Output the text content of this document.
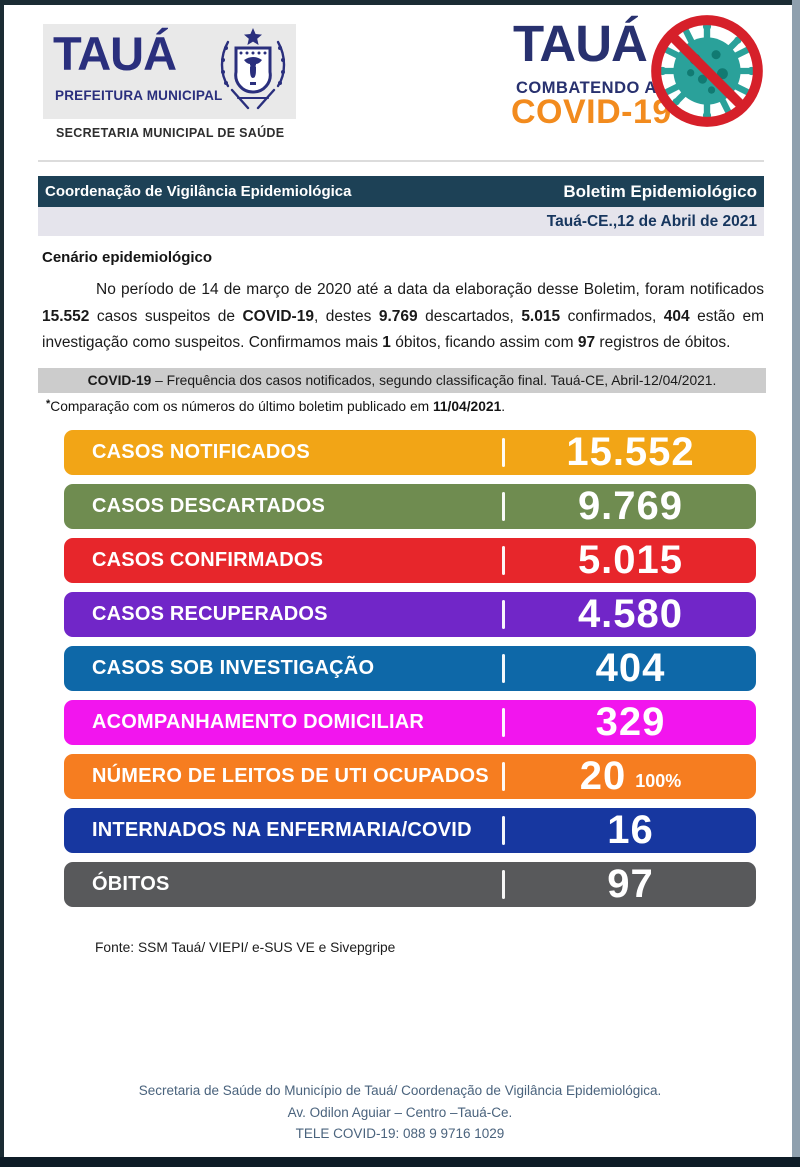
TAUÁ
PREFEITURA MUNICIPAL
SECRETARIA MUNICIPAL DE SAÚDE
TAUÁ
COMBATENDO A
COVID-19
Coordenação de Vigilância Epidemiológica	Boletim Epidemiológico
Tauá-CE.,12 de Abril de 2021
Cenário epidemiológico
No período de 14 de março de 2020 até a data da elaboração desse Boletim, foram notificados 15.552 casos suspeitos de COVID-19, destes 9.769 descartados, 5.015 confirmados, 404 estão em investigação como suspeitos. Confirmamos mais 1 óbitos, ficando assim com 97 registros de óbitos.
COVID-19 – Frequência dos casos notificados, segundo classificação final. Tauá-CE, Abril-12/04/2021.
*Comparação com os números do último boletim publicado em 11/04/2021.
CASOS NOTIFICADOS	15.552
CASOS DESCARTADOS	9.769
CASOS CONFIRMADOS	5.015
CASOS RECUPERADOS	4.580
CASOS SOB INVESTIGAÇÃO	404
ACOMPANHAMENTO DOMICILIAR	329
NÚMERO DE LEITOS DE UTI OCUPADOS 20 100%
INTERNADOS NA ENFERMARIA/COVID	16
ÓBITOS	97
Fonte: SSM Tauá/ VIEPI/ e-SUS VE e Sivepgripe
Secretaria de Saúde do Município de Tauá/ Coordenação de Vigilância Epidemiológica.
Av. Odilon Aguiar – Centro –Tauá-Ce.
TELE COVID-19: 088 9 9716 1029
